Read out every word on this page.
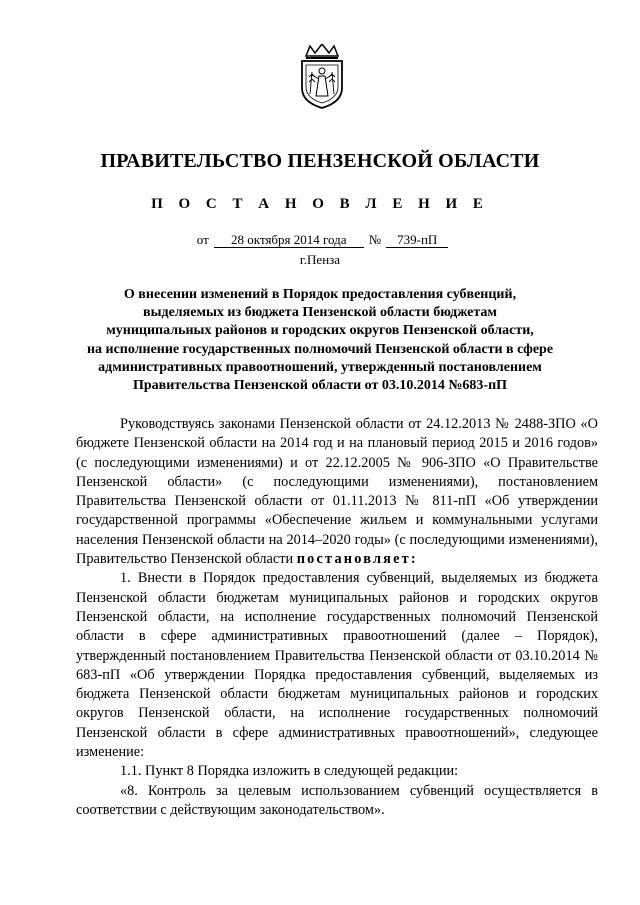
ПРАВИТЕЛЬСТВО ПЕНЗЕНСКОЙ ОБЛАСТИ
П О С Т А Н О В Л Е Н И Е
от 28 октября 2014 года № 739-пП
г.Пенза
О внесении изменений в Порядок предоставления субвенций,
выделяемых из бюджета Пензенской области бюджетам
муниципальных районов и городских округов Пензенской области,
на исполнение государственных полномочий Пензенской области в сфере
административных правоотношений, утвержденный постановлением
Правительства Пензенской области от 03.10.2014 №683-пП

Руководствуясь законами Пензенской области от 24.12.2013 № 2488-ЗПО «О бюджете Пензенской области на 2014 год и на плановый период 2015 и 2016 годов» (с последующими изменениями) и от 22.12.2005 № 906-ЗПО «О Правительстве Пензенской области» (с последующими изменениями), постановлением Правительства Пензенской области от 01.11.2013 № 811-пП «Об утверждении государственной программы «Обеспечение жильем и коммунальными услугами населения Пензенской области на 2014–2020 годы» (с последующими изменениями), Правительство Пензенской области постановляет:

1. Внести в Порядок предоставления субвенций, выделяемых из бюджета Пензенской области бюджетам муниципальных районов и городских округов Пензенской области, на исполнение государственных полномочий Пензенской области в сфере административных правоотношений (далее – Порядок), утвержденный постановлением Правительства Пензенской области от 03.10.2014 № 683-пП «Об утверждении Порядка предоставления субвенций, выделяемых из бюджета Пензенской области бюджетам муниципальных районов и городских округов Пензенской области, на исполнение государственных полномочий Пензенской области в сфере административных правоотношений», следующее изменение:

1.1. Пункт 8 Порядка изложить в следующей редакции:

«8. Контроль за целевым использованием субвенций осуществляется в соответствии с действующим законодательством».
